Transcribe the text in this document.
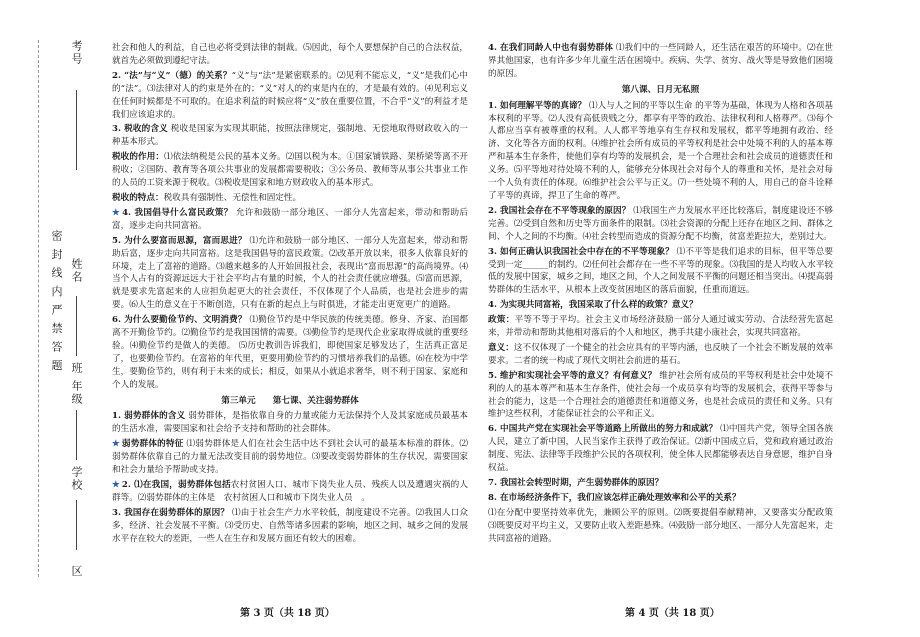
密 封 线 内 严 禁 答 题
考号
姓名
班
年级
学校
区

社会和他人的利益，自己也必将受到法律的制裁。⑸因此，每个人要想保护自己的合法权益，就首先必须做到遵纪守法。

2. “法”与“义”（德）的关系？“义”与“法”是紧密联系的。⑵见利不能忘义，“义”是我们心中的“法”。⑶法律对人的约束是外在的；“义”对人的约束是内在的，才是最有效的。⑷见利忘义在任何时候都是不可取的。在追求利益的时候应将“义”放在重要位置，不合乎“义”的利益才是我们应该追求的。

3. 税收的含义 税收是国家为实现其职能，按照法律规定，强制地、无偿地取得财政收入的一种基本形式。

税收的作用：⑴依法纳税是公民的基本义务。⑵国以税为本。①国家铺铁路、架桥梁等离不开税收；②国防、教育等各项公共事业的发展都需要税收；③公务员、教师等从事公共事业工作的人员的工资来源于税收。⑶税收是国家和地方财政收入的基本形式。

税收的特点：税收具有强制性、无偿性和固定性。

★ 4. 我国倡导什么富民政策？ 允许和鼓励一部分地区、一部分人先富起来，带动和帮助后富，逐步走向共同富裕。

5. 为什么要富而思源，富而思进？ ⑴允许和鼓励一部分地区、一部分人先富起来，带动和帮助后富，逐步走向共同富裕。这是我国倡导的富民政策。⑵改革开放以来，很多人依靠良好的环境，走上了富裕的道路。⑶越来越多的人开始回报社会，表现出“富而思源”的高尚境界。⑷当个人占有的资源远远大于社会平均占有量的时候，个人的社会责任就应增强。⑸富而思源，就是要求先富起来的人应担负起更大的社会责任，不仅体现了个人品质，也是社会进步的需要。⑹人生的意义在于不断创造，只有在新的起点上与时俱进，才能走出更宽更广的道路。

6. 为什么要勤俭节约、文明消费？ ⑴勤俭节约是中华民族的传统美德。修身、齐家、治国都离不开勤俭节约。⑵勤俭节约是我国国情的需要。⑶勤俭节约是现代企业家取得成就的重要经验。⑷勤俭节约是做人的美德。 ⑸历史教训告诉我们，即使国家足够发达了，生活真正富足了，也要勤俭节约。在富裕的年代里，更要用勤俭节约的习惯培养我们的品德。⑹在校为中学生，要勤俭节约，则有利于未来的成长；相反，如果从小就追求奢华，则不利于国家、家庭和个人的发展。

第三单元　　第七课、关注弱势群体

1. 弱势群体的含义 弱势群体，是指依靠自身的力量或能力无法保持个人及其家庭成员最基本的生活水准，需要国家和社会给予支持和帮助的社会群体。

★ 弱势群体的特征 ⑴弱势群体是人们在社会生活中达不到社会认可的最基本标准的群体。⑵弱势群体依靠自己的力量无法改变目前的弱势地位。⑶要改变弱势群体的生存状况，需要国家和社会力量给予帮助或支持。

★ 2. ⑴在我国，弱势群体包括农村贫困人口、城市下岗失业人员、残疾人以及遭遇灾祸的人群等。⑵弱势群体的主体是　农村贫困人口和城市下岗失业人员　。

3. 我国存在弱势群体的原因？ ⑴由于社会生产力水平较低，制度建设不完善。⑵我国人口众多，经济、社会发展不平衡。⑶受历史、自然等诸多因素的影响，地区之间、城乡之间的发展水平存在较大的差距，一些人在生存和发展方面还有较大的困难。

4. 在我们同龄人中也有弱势群体 ⑴我们中的一些同龄人，还生活在艰苦的环境中。⑵在世界其他国家，也有许多少年儿童生活在困境中。疾病、失学、贫穷、战火等是导致他们困境的原因。

第八课、日月无私照

1. 如何理解平等的真谛？ ⑴人与人之间的平等以生命 的平等为基础，体现为人格和各项基本权利的平等。⑵人没有高低贵贱之分，都享有平等的政治、法律权利和人格尊严。⑶每个人都应当享有被尊重的权利。人人都平等地享有生存权和发展权，都平等地拥有政治、经济、文化等各方面的权利。⑷维护社会所有成员的平等权利是社会中处境不利的人的基本尊严和基本生存条件，使他们享有均等的发展机会，是一个合理社会和社会成员的道德责任和义务。⑸平等地对待处境不利的人，能够充分体现社会对每个人的尊重和关怀，是社会对每一个人负有责任的体现。⑹维护社会公平与正义。⑺一些处境不利的人，用自己的奋斗诠释了平等的真谛，捍卫了生命的尊严。

2. 我国社会存在不平等现象的原因？ ⑴我国生产力发展水平还比较落后，制度建设还不够完善。⑵受到自然和历史等方面条件的限制。⑶社会资源的分配上还存在地区之间、群体之间、个人之间的不均衡。⑷社会转型而造成的资源分配不均衡，贫富差距拉大，差别过大。

3. 如何正确认识我国社会中存在的不平等现象？ ⑴不平等是我们追求的目标，但平等总要受到一定______的制约。⑵任何社会都存在一些不平等的现象。⑶我国的是人均收入水平较低的发展中国家，城乡之间，地区之间，个人之间发展不平衡的问题还相当突出。⑷提高弱势群体的生活水平，从根本上改变贫困地区的落后面貌，任重而道远。

4. 为实现共同富裕，我国采取了什么样的政策？意义？

政策：平等不等于平均。社会主义市场经济鼓励一部分人通过诚实劳动、合法经营先富起来，并带动和帮助其他相对落后的个人和地区，携手共建小康社会，实现共同富裕。

意义：这不仅体现了一个健全的社会应具有的平等内涵，也反映了一个社会不断发展的效率要求。二者的统一构成了现代文明社会前进的基石。

5. 维护和实现社会平等的意义？有何意义？ 维护社会所有成员的平等权利是社会中处境不利的人的基本尊严和基本生存条件，使社会每一个成员享有均等的发展机会，获得平等参与社会的能力，这是一个合理社会的道德责任和道德义务，也是社会成员的责任和义务。只有维护这些权利，才能保证社会的公平和正义。

6. 中国共产党在实现社会平等道路上所做出的努力和成就？ ⑴中国共产党，领导全国各族人民，建立了新中国，人民当家作主获得了政治保证。⑵新中国成立后，党和政府通过政治制度、宪法、法律等手段维护公民的各项权利，使全体人民都能够表达自身意愿，维护自身权益。

7. 我国社会转型时期，产生弱势群体的原因？

8. 在市场经济条件下，我们应该怎样正确处理效率和公平的关系？

⑴在分配中要坚持效率优先，兼顾公平的原则。⑵既要提倡奉献精神，又要落实分配政策 ⑶既要反对平均主义，又要防止收入差距悬殊。⑷鼓励一部分地区、一部分人先富起来，走共同富裕的道路。

第 3 页（共 18 页）	第 4 页（共 18 页）
